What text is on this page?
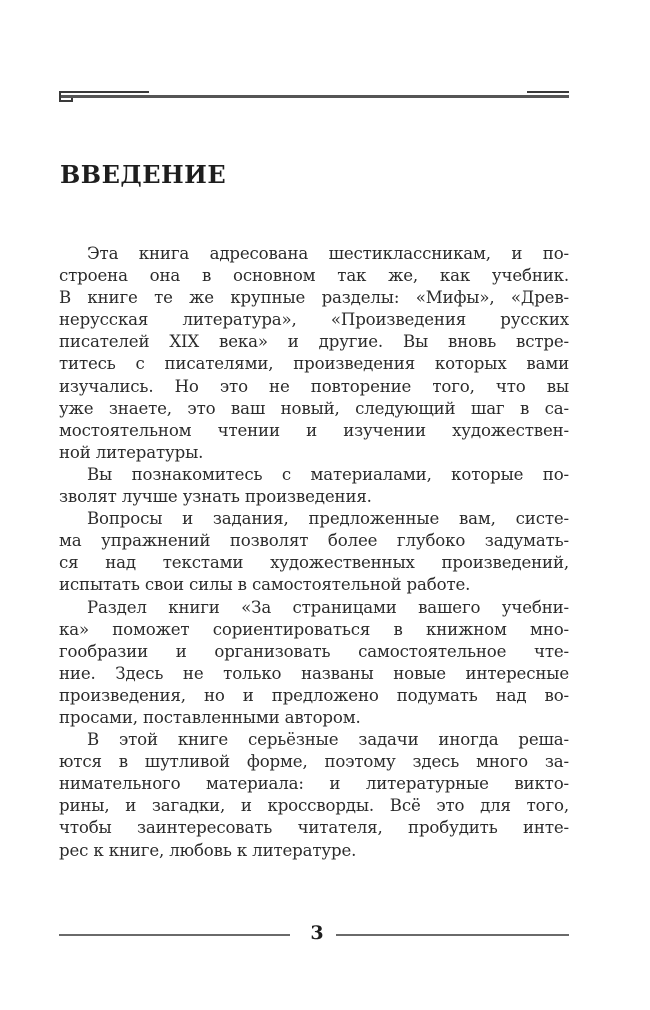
ВВЕДЕНИЕ
Эта книга адресована шестиклассникам, и по-
строена она в основном так же, как учебник.
В книге те же крупные разделы: «Мифы», «Древ-
нерусская литература», «Произведения русских
писателей XIX века» и другие. Вы вновь встре-
титесь с писателями, произведения которых вами
изучались. Но это не повторение того, что вы
уже знаете, это ваш новый, следующий шаг в са-
мостоятельном чтении и изучении художествен-
ной литературы.
Вы познакомитесь с материалами, которые по-
зволят лучше узнать произведения.
Вопросы и задания, предложенные вам, систе-
ма упражнений позволят более глубоко задумать-
ся над текстами художественных произведений,
испытать свои силы в самостоятельной работе.
Раздел книги «За страницами вашего учебни-
ка» поможет сориентироваться в книжном мно-
гообразии и организовать самостоятельное чте-
ние. Здесь не только названы новые интересные
произведения, но и предложено подумать над во-
просами, поставленными автором.
В этой книге серьёзные задачи иногда реша-
ются в шутливой форме, поэтому здесь много за-
нимательного материала: и литературные викто-
рины, и загадки, и кроссворды. Всё это для того,
чтобы заинтересовать читателя, пробудить инте-
рес к книге, любовь к литературе.
3
